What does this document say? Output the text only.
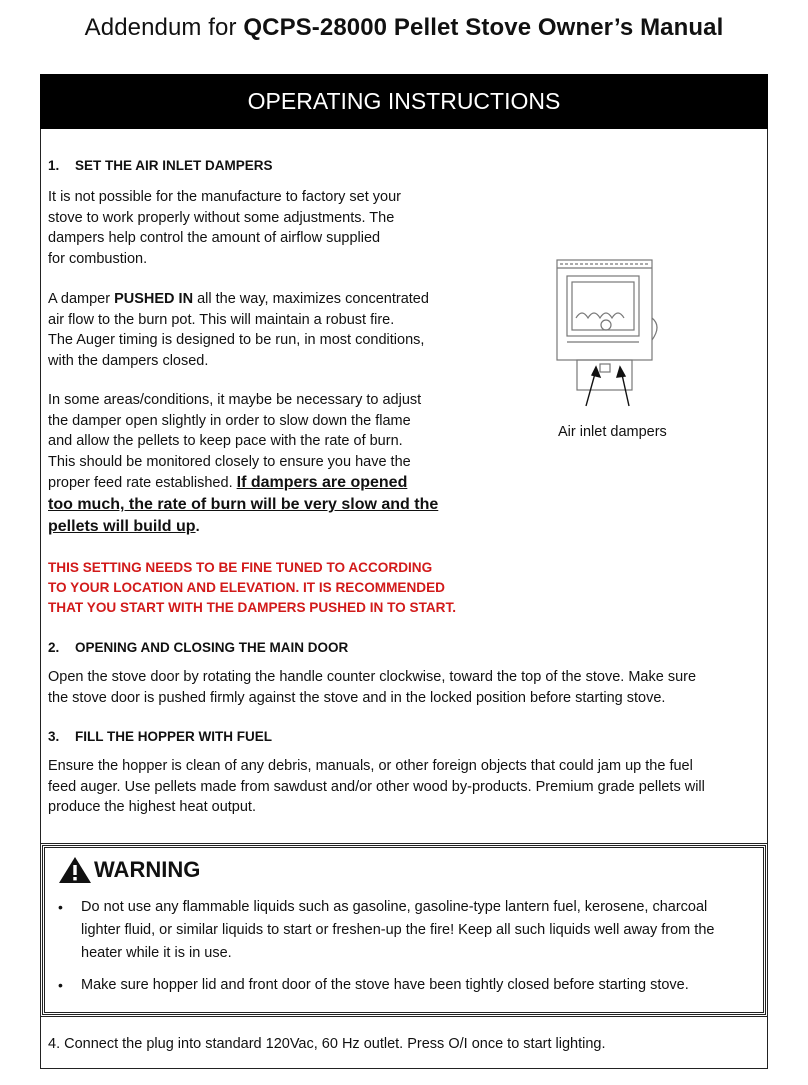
Addendum for QCPS-28000 Pellet Stove Owner’s Manual
OPERATING INSTRUCTIONS
1. SET THE AIR INLET DAMPERS
It is not possible for the manufacture to factory set your
stove to work properly without some adjustments. The
dampers help control the amount of airflow supplied
for combustion.
A damper PUSHED IN all the way, maximizes concentrated
air flow to the burn pot. This will maintain a robust fire.
The Auger timing is designed to be run, in most conditions,
with the dampers closed.
In some areas/conditions, it maybe be necessary to adjust
the damper open slightly in order to slow down the flame
and allow the pellets to keep pace with the rate of burn.
This should be monitored closely to ensure you have the
proper feed rate established. If dampers are opened
too much, the rate of burn will be very slow and the
pellets will build up.
THIS SETTING NEEDS TO BE FINE TUNED TO ACCORDING
TO YOUR LOCATION AND ELEVATION. IT IS RECOMMENDED
THAT YOU START WITH THE DAMPERS PUSHED IN TO START.
Air inlet dampers
2. OPENING AND CLOSING THE MAIN DOOR
Open the stove door by rotating the handle counter clockwise, toward the top of the stove. Make sure
the stove door is pushed firmly against the stove and in the locked position before starting stove.
3. FILL THE HOPPER WITH FUEL
Ensure the hopper is clean of any debris, manuals, or other foreign objects that could jam up the fuel
feed auger. Use pellets made from sawdust and/or other wood by-products. Premium grade pellets will
produce the highest heat output.
WARNING
•	Do not use any flammable liquids such as gasoline, gasoline-type lantern fuel, kerosene, charcoal lighter fluid, or similar liquids to start or freshen-up the fire! Keep all such liquids well away from the heater while it is in use.
•	Make sure hopper lid and front door of the stove have been tightly closed before starting stove.
4. Connect the plug into standard 120Vac, 60 Hz outlet. Press O/I once to start lighting.
